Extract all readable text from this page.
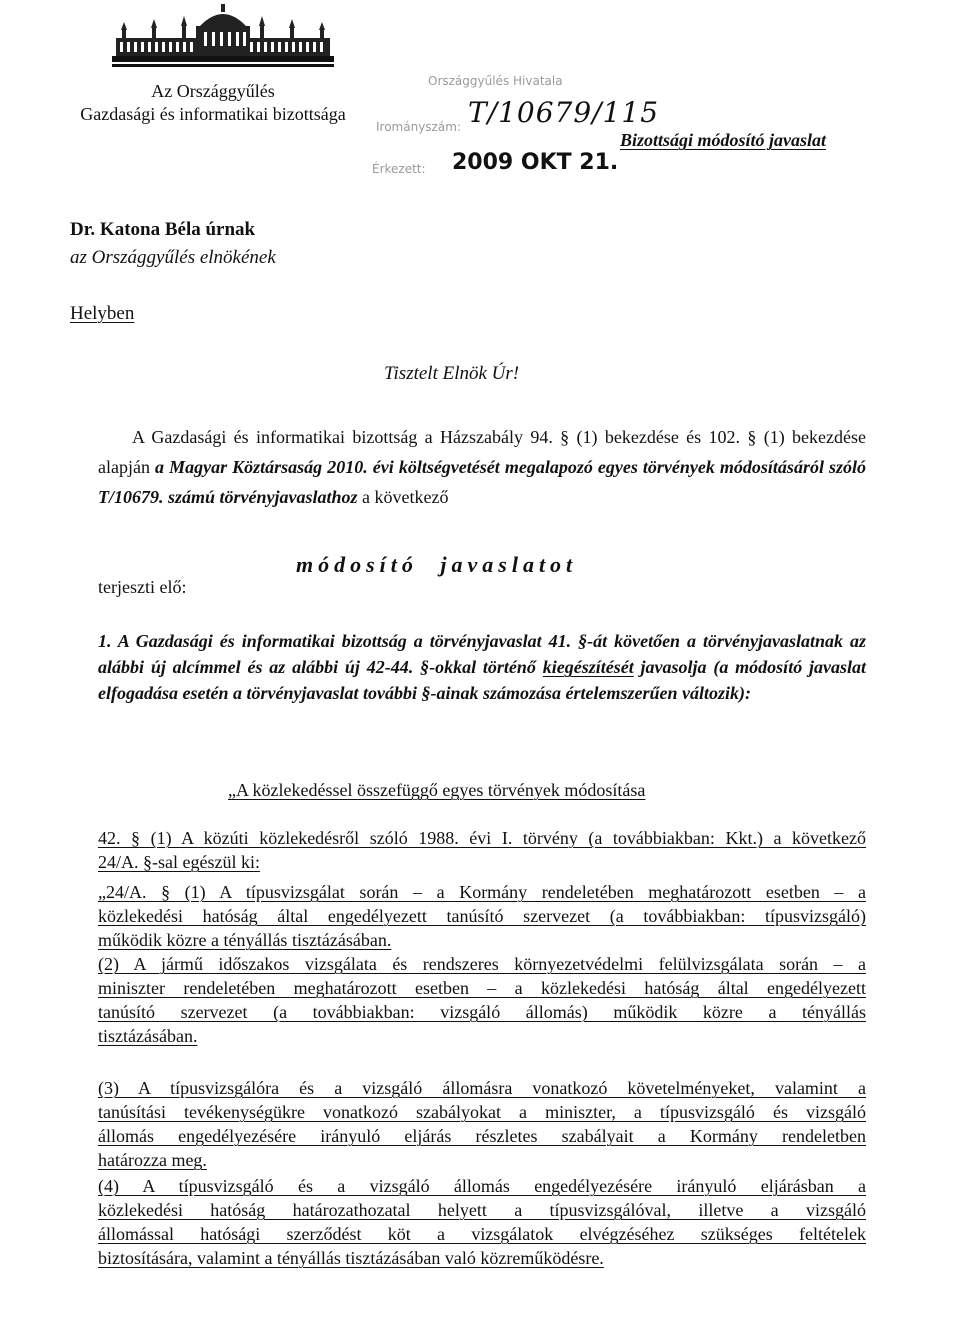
Az Országgyűlés
Gazdasági és informatikai bizottsága
Országgyűlés Hivatala
Irományszám: T/10679/115
Érkezett: 2009 OKT 21.
Bizottsági módosító javaslat
Dr. Katona Béla úrnak
az Országgyűlés elnökének
Helyben
Tisztelt Elnök Úr!
A Gazdasági és informatikai bizottság a Házszabály 94. § (1) bekezdése és 102. § (1) bekezdése alapján a Magyar Köztársaság 2010. évi költségvetését megalapozó egyes törvények módosításáról szóló T/10679. számú törvényjavaslathoz a következő
módosító javaslatot
terjeszti elő:
1. A Gazdasági és informatikai bizottság a törvényjavaslat 41. §-át követően a törvényjavaslatnak az alábbi új alcímmel és az alábbi új 42-44. §-okkal történő kiegészítését javasolja (a módosító javaslat elfogadása esetén a törvényjavaslat további §-ainak számozása értelemszerűen változik):
„A közlekedéssel összefüggő egyes törvények módosítása
42. § (1) A közúti közlekedésről szóló 1988. évi I. törvény (a továbbiakban: Kkt.) a következő
24/A. §-sal egészül ki:
„24/A. § (1) A típusvizsgálat során – a Kormány rendeletében meghatározott esetben – a
közlekedési hatóság által engedélyezett tanúsító szervezet (a továbbiakban: típusvizsgáló)
működik közre a tényállás tisztázásában.
(2) A jármű időszakos vizsgálata és rendszeres környezetvédelmi felülvizsgálata során – a
miniszter rendeletében meghatározott esetben – a közlekedési hatóság által engedélyezett
tanúsító szervezet (a továbbiakban: vizsgáló állomás) működik közre a tényállás
tisztázásában.
(3) A típusvizsgálóra és a vizsgáló állomásra vonatkozó követelményeket, valamint a
tanúsítási tevékenységükre vonatkozó szabályokat a miniszter, a típusvizsgáló és vizsgáló
állomás engedélyezésére irányuló eljárás részletes szabályait a Kormány rendeletben
határozza meg.
(4) A típusvizsgáló és a vizsgáló állomás engedélyezésére irányuló eljárásban a
közlekedési hatóság határozathozatal helyett a típusvizsgálóval, illetve a vizsgáló
állomással hatósági szerződést köt a vizsgálatok elvégzéséhez szükséges feltételek
biztosítására, valamint a tényállás tisztázásában való közreműködésre.
